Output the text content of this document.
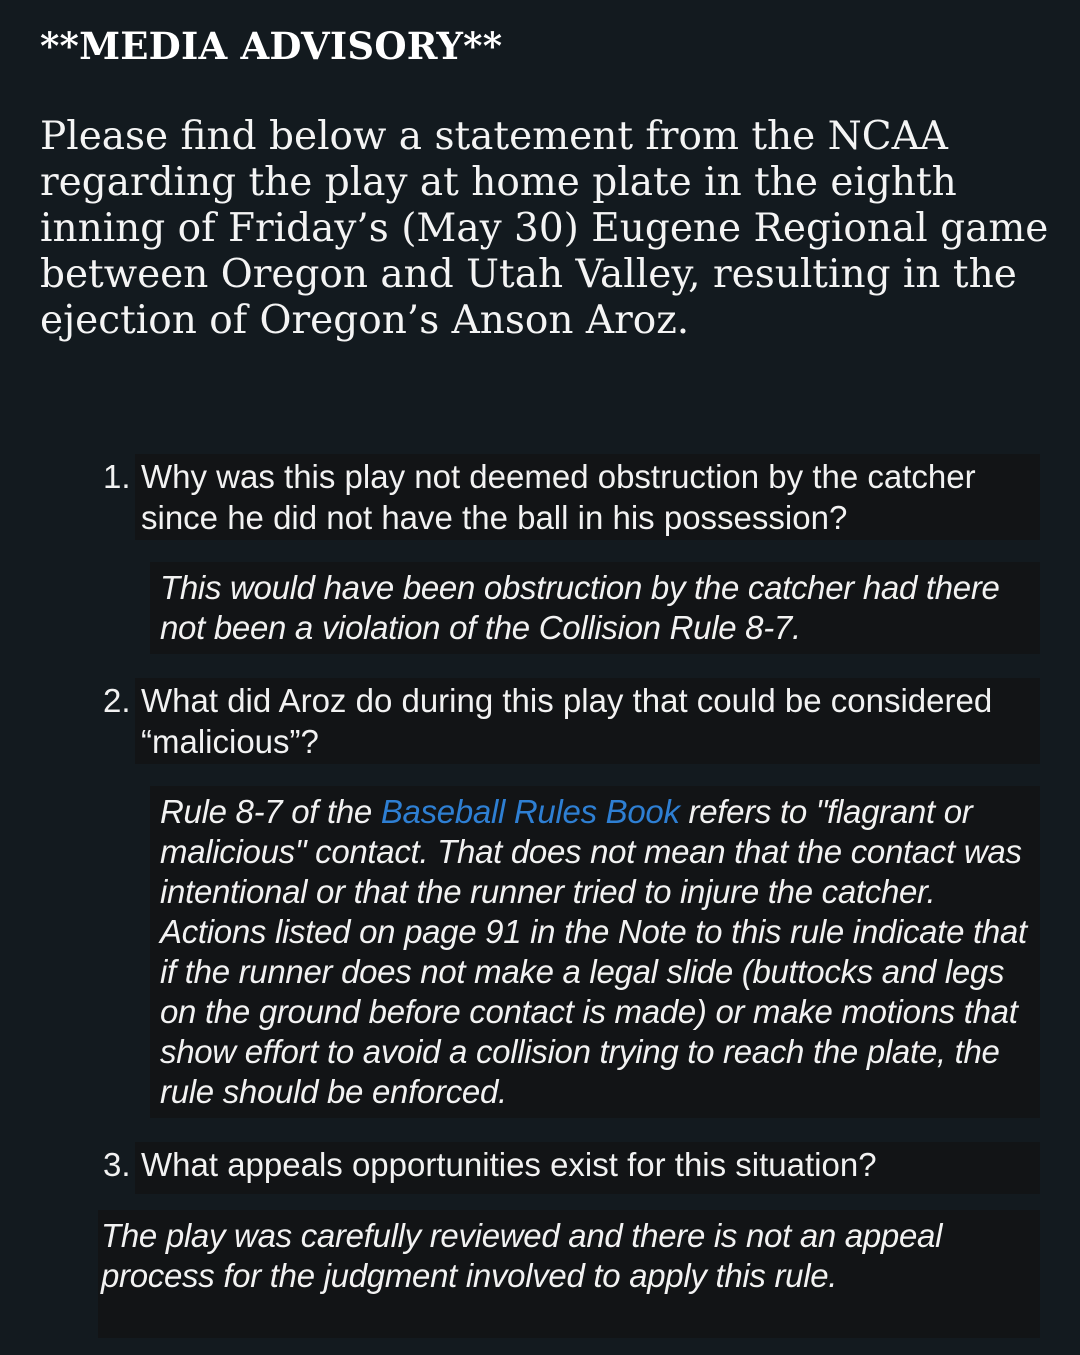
**MEDIA ADVISORY**

Please find below a statement from the NCAA regarding the play at home plate in the eighth inning of Friday’s (May 30) Eugene Regional game between Oregon and Utah Valley, resulting in the ejection of Oregon’s Anson Aroz.

1. Why was this play not deemed obstruction by the catcher since he did not have the ball in his possession?

This would have been obstruction by the catcher had there not been a violation of the Collision Rule 8-7.

2. What did Aroz do during this play that could be considered “malicious”?

Rule 8-7 of the Baseball Rules Book refers to "flagrant or malicious" contact. That does not mean that the contact was intentional or that the runner tried to injure the catcher. Actions listed on page 91 in the Note to this rule indicate that if the runner does not make a legal slide (buttocks and legs on the ground before contact is made) or make motions that show effort to avoid a collision trying to reach the plate, the rule should be enforced.

3. What appeals opportunities exist for this situation?

The play was carefully reviewed and there is not an appeal process for the judgment involved to apply this rule.
